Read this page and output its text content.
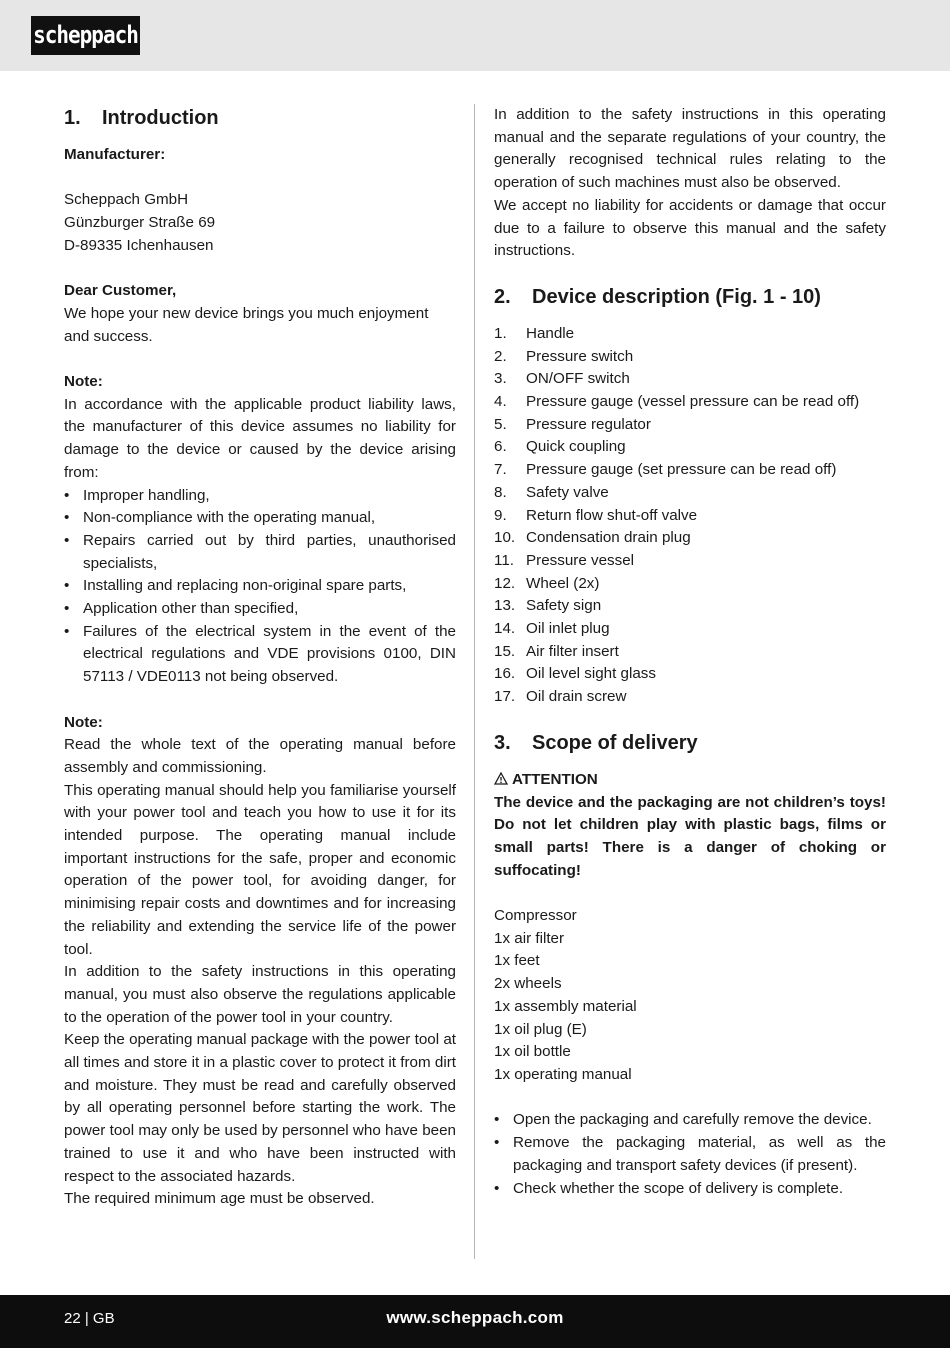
scheppach
1.	Introduction
Manufacturer:
Scheppach GmbH
Günzburger Straße 69
D-89335 Ichenhausen
Dear Customer,
We hope your new device brings you much enjoyment and success.
Note:
In accordance with the applicable product liability laws, the manufacturer of this device assumes no liability for damage to the device or caused by the device arising from:
• Improper handling,
• Non-compliance with the operating manual,
• Repairs carried out by third parties, unauthorised specialists,
• Installing and replacing non-original spare parts,
• Application other than specified,
• Failures of the electrical system in the event of the electrical regulations and VDE provisions 0100, DIN 57113 / VDE0113 not being observed.
Note:
Read the whole text of the operating manual before assembly and commissioning.
This operating manual should help you familiarise yourself with your power tool and teach you how to use it for its intended purpose. The operating manual include important instructions for the safe, proper and economic operation of the power tool, for avoiding danger, for minimising repair costs and downtimes and for increasing the reliability and extending the service life of the power tool.
In addition to the safety instructions in this operating manual, you must also observe the regulations applicable to the operation of the power tool in your country.
Keep the operating manual package with the power tool at all times and store it in a plastic cover to protect it from dirt and moisture. They must be read and carefully observed by all operating personnel before starting the work. The power tool may only be used by personnel who have been trained to use it and who have been instructed with respect to the associated hazards.
The required minimum age must be observed.
In addition to the safety instructions in this operating manual and the separate regulations of your country, the generally recognised technical rules relating to the operation of such machines must also be observed.
We accept no liability for accidents or damage that occur due to a failure to observe this manual and the safety instructions.
2.	Device description (Fig. 1 - 10)
1.	Handle
2.	Pressure switch
3.	ON/OFF switch
4.	Pressure gauge (vessel pressure can be read off)
5.	Pressure regulator
6.	Quick coupling
7.	Pressure gauge (set pressure can be read off)
8.	Safety valve
9.	Return flow shut-off valve
10. Condensation drain plug
11. Pressure vessel
12. Wheel (2x)
13. Safety sign
14. Oil inlet plug
15. Air filter insert
16. Oil level sight glass
17. Oil drain screw
3.	Scope of delivery
ATTENTION
The device and the packaging are not children’s toys! Do not let children play with plastic bags, films or small parts! There is a danger of choking or suffocating!
Compressor
1x air filter
1x feet
2x wheels
1x assembly material
1x oil plug (E)
1x oil bottle
1x operating manual
• Open the packaging and carefully remove the device.
• Remove the packaging material, as well as the packaging and transport safety devices (if present).
• Check whether the scope of delivery is complete.
22 | GB	www.scheppach.com
